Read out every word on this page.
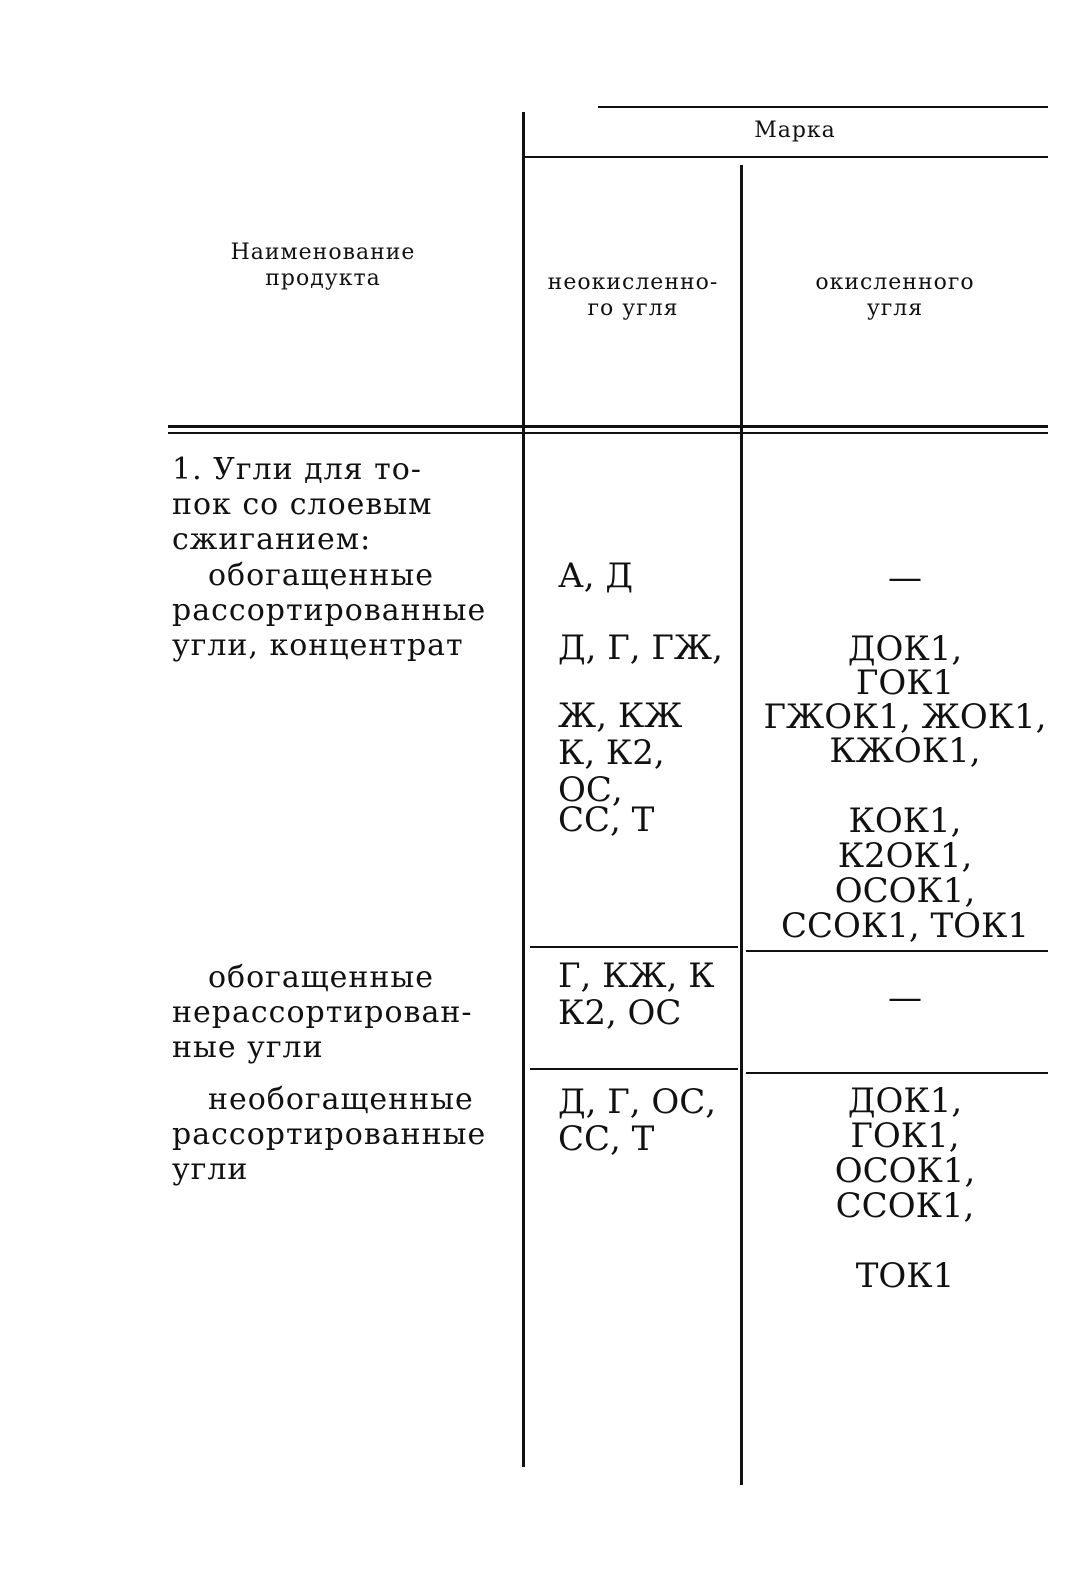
Наименование
продукта
Марка
неокисленно-
го угля
окисленного
угля
1. Угли для то-
пок со слоевым
сжиганием:
обогащенные
рассортированные
угли, концентрат
обогащенные
нерассортирован-
ные угли
необогащенные
рассортированные
угли
А, Д
Д, Г, ГЖ,
Ж, КЖ
К, К2, ОС,
СС, Т
Г, КЖ, К
К2, ОС
Д, Г, ОС,
СС, Т
—
ДОК1,
ГОК1
ГЖОК1, ЖОК1,
КЖОК1,
КОК1,
К2ОК1,
ОСОК1,
ССОК1, ТОК1
—
ДОК1,
ГОК1,
ОСОК1,
ССОК1,
ТОК1
